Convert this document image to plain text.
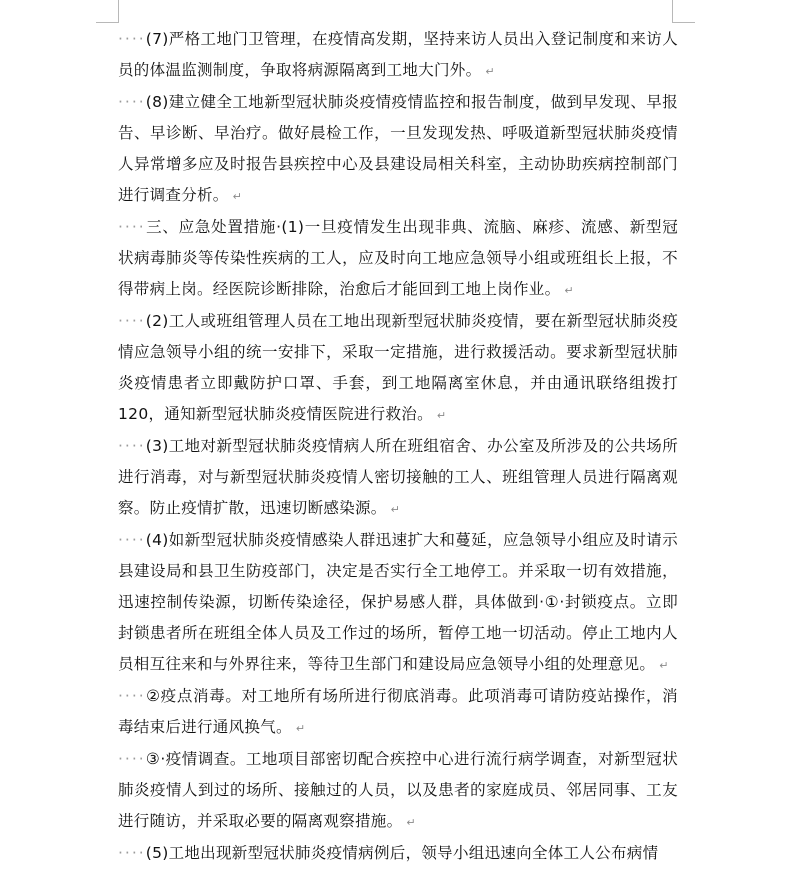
····(7)严格工地门卫管理，在疫情高发期，坚持来访人员出入登记制度和来访人员的体温监测制度，争取将病源隔离到工地大门外。 ↵

····(8)建立健全工地新型冠状肺炎疫情疫情监控和报告制度，做到早发现、早报告、早诊断、早治疗。做好晨检工作，一旦发现发热、呼吸道新型冠状肺炎疫情人异常增多应及时报告县疾控中心及县建设局相关科室，主动协助疾病控制部门进行调查分析。 ↵

····三、应急处置措施·(1)一旦疫情发生出现非典、流脑、麻疹、流感、新型冠状病毒肺炎等传染性疾病的工人，应及时向工地应急领导小组或班组长上报，不得带病上岗。经医院诊断排除，治愈后才能回到工地上岗作业。 ↵

····(2)工人或班组管理人员在工地出现新型冠状肺炎疫情，要在新型冠状肺炎疫情应急领导小组的统一安排下，采取一定措施，进行救援活动。要求新型冠状肺炎疫情患者立即戴防护口罩、手套，到工地隔离室休息，并由通讯联络组拨打120，通知新型冠状肺炎疫情医院进行救治。 ↵

····(3)工地对新型冠状肺炎疫情病人所在班组宿舍、办公室及所涉及的公共场所进行消毒，对与新型冠状肺炎疫情人密切接触的工人、班组管理人员进行隔离观察。防止疫情扩散，迅速切断感染源。 ↵

····(4)如新型冠状肺炎疫情感染人群迅速扩大和蔓延，应急领导小组应及时请示县建设局和县卫生防疫部门，决定是否实行全工地停工。并采取一切有效措施，迅速控制传染源，切断传染途径，保护易感人群，具体做到·①·封锁疫点。立即封锁患者所在班组全体人员及工作过的场所，暂停工地一切活动。停止工地内人员相互往来和与外界往来，等待卫生部门和建设局应急领导小组的处理意见。 ↵

····②疫点消毒。对工地所有场所进行彻底消毒。此项消毒可请防疫站操作，消毒结束后进行通风换气。 ↵

····③·疫情调查。工地项目部密切配合疾控中心进行流行病学调查，对新型冠状肺炎疫情人到过的场所、接触过的人员，以及患者的家庭成员、邻居同事、工友进行随访，并采取必要的隔离观察措施。 ↵

····(5)工地出现新型冠状肺炎疫情病例后，领导小组迅速向全体工人公布病情
